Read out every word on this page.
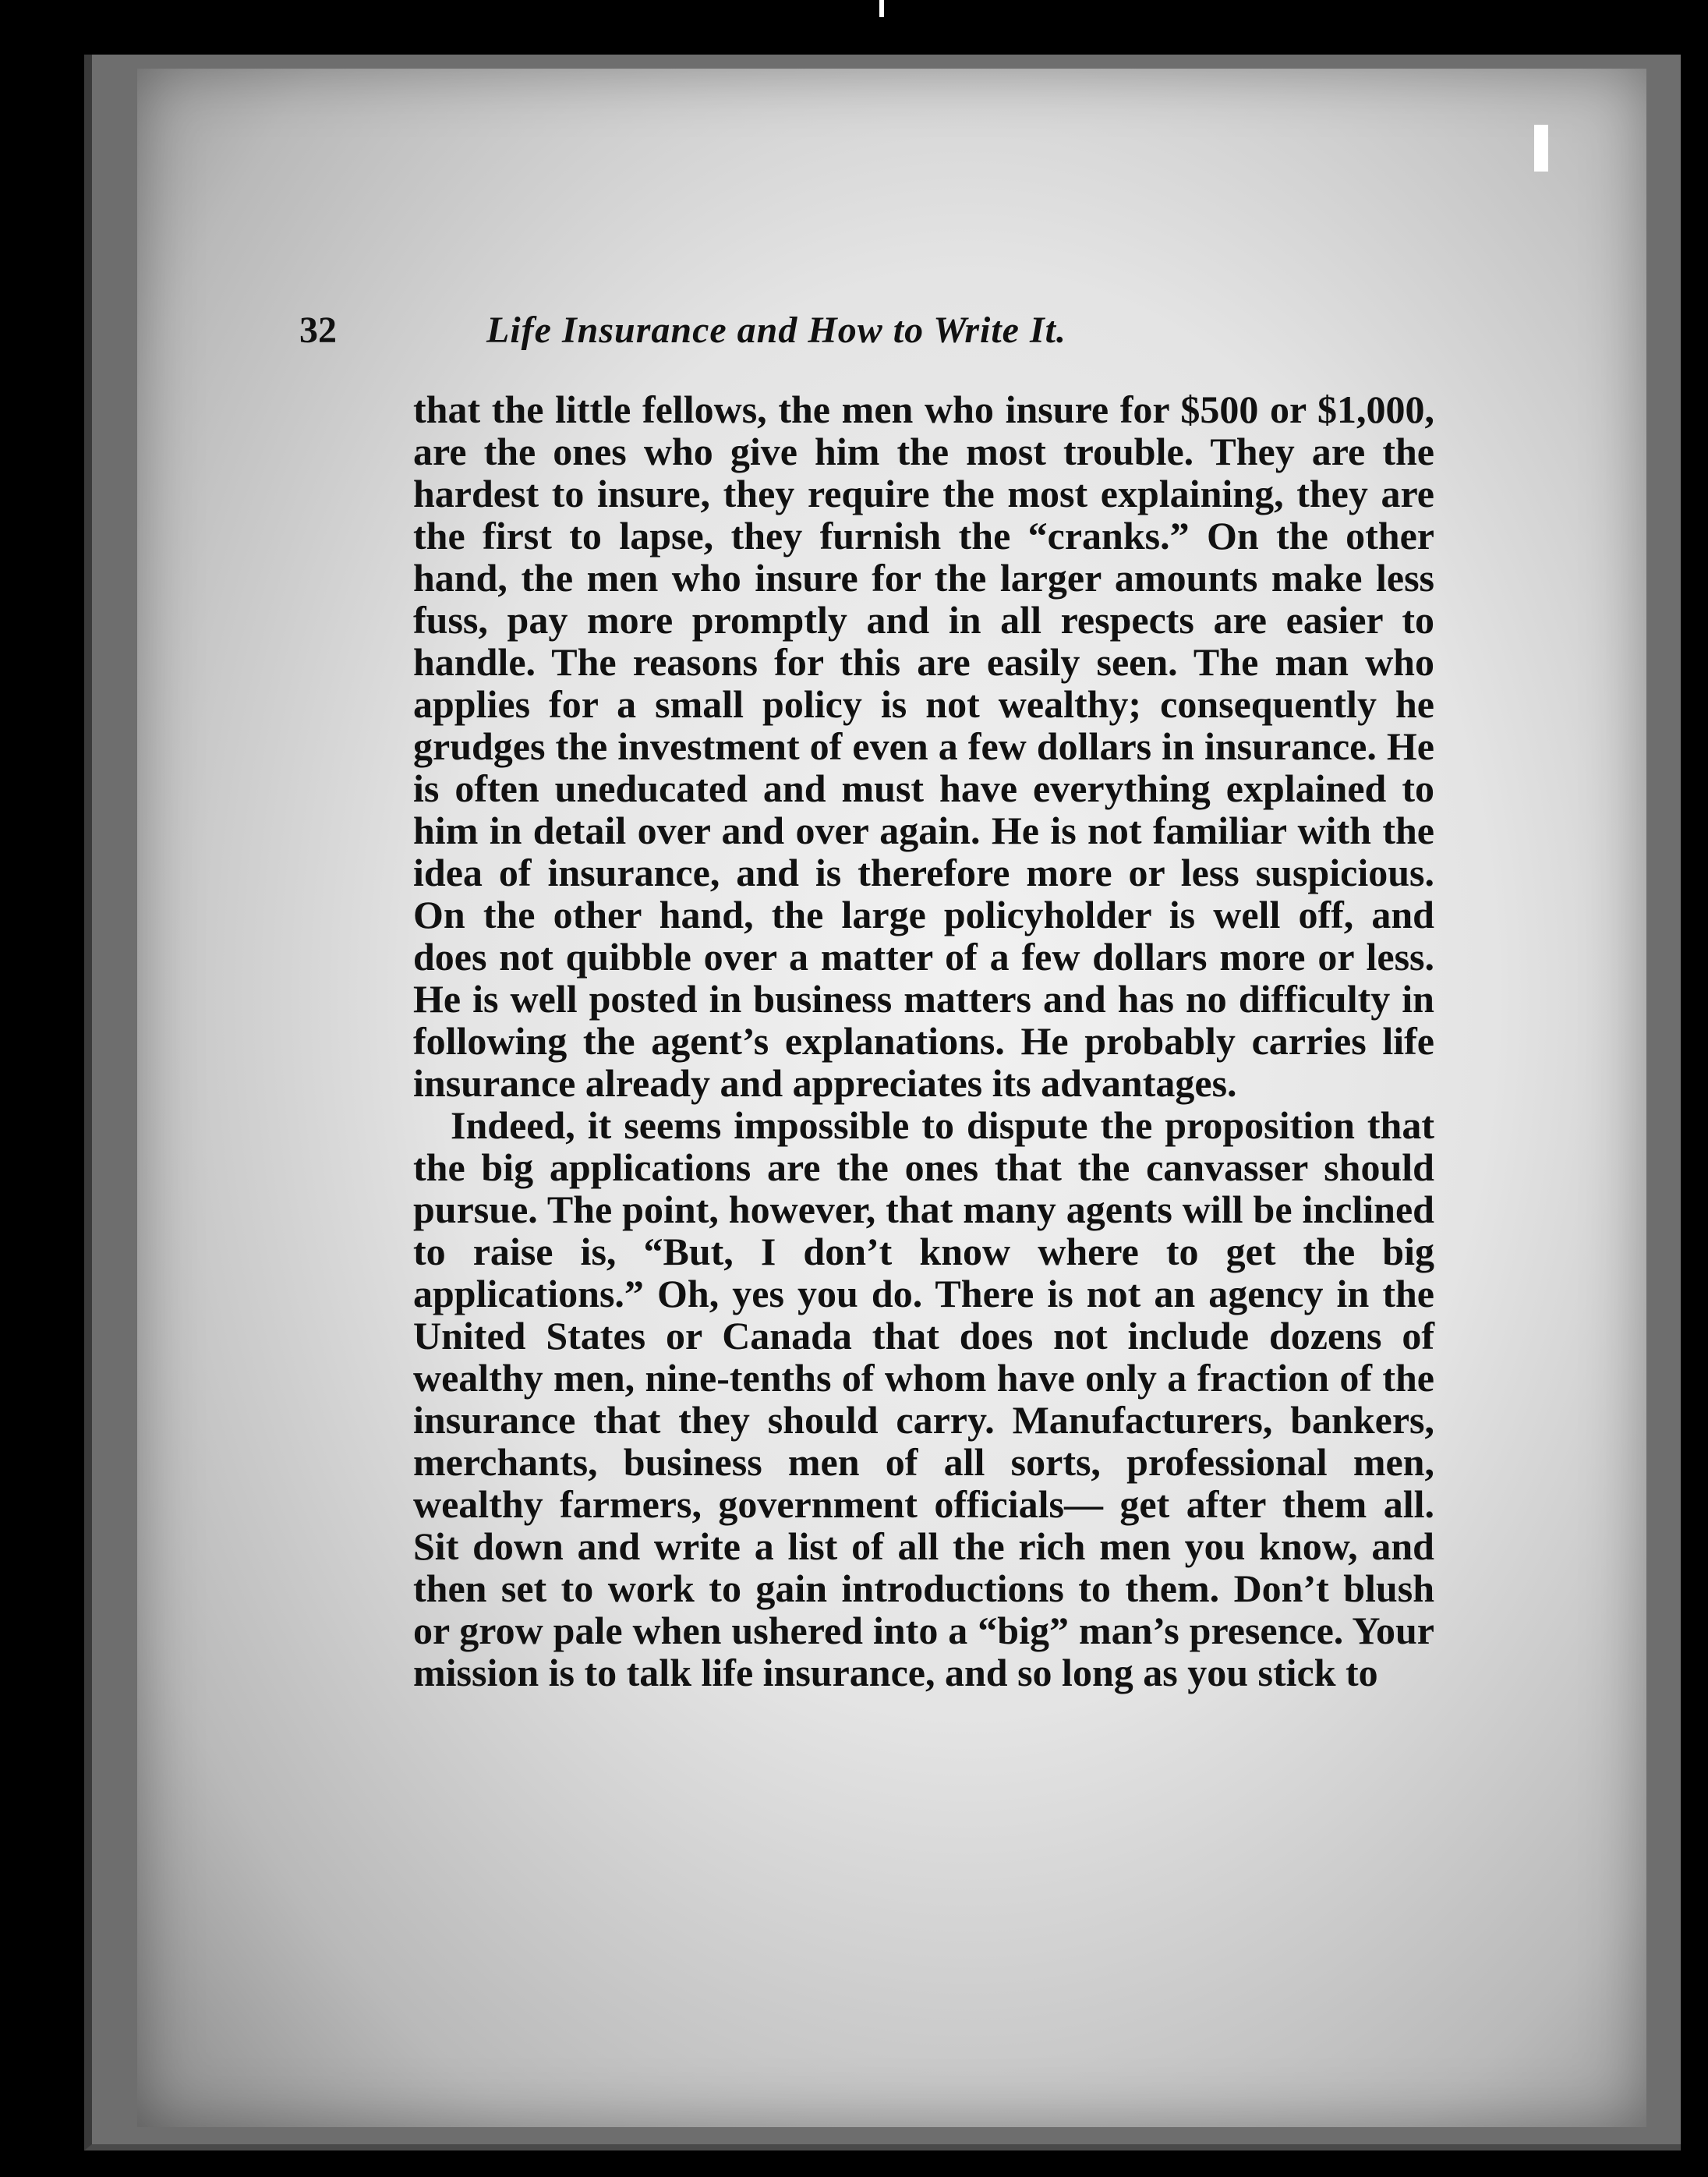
32	Life Insurance and How to Write It.

that the little fellows, the men who insure for $500 or $1,000, are the ones who give him the most trouble. They are the hardest to insure, they require the most explaining, they are the first to lapse, they furnish the “cranks.” On the other hand, the men who insure for the larger amounts make less fuss, pay more promptly and in all respects are easier to handle. The reasons for this are easily seen. The man who applies for a small policy is not wealthy; consequently he grudges the investment of even a few dollars in insurance. He is often uneducated and must have everything explained to him in detail over and over again. He is not familiar with the idea of insurance, and is therefore more or less suspicious. On the other hand, the large policyholder is well off, and does not quibble over a matter of a few dollars more or less. He is well posted in business matters and has no difficulty in following the agent’s explanations. He probably carries life insurance already and appreciates its advantages.

Indeed, it seems impossible to dispute the proposition that the big applications are the ones that the canvasser should pursue. The point, however, that many agents will be inclined to raise is, “But, I don’t know where to get the big applications.” Oh, yes you do. There is not an agency in the United States or Canada that does not include dozens of wealthy men, nine-tenths of whom have only a fraction of the insurance that they should carry. Manufacturers, bankers, merchants, business men of all sorts, professional men, wealthy farmers, government officials— get after them all. Sit down and write a list of all the rich men you know, and then set to work to gain introductions to them. Don’t blush or grow pale when ushered into a “big” man’s presence. Your mission is to talk life insurance, and so long as you stick to
